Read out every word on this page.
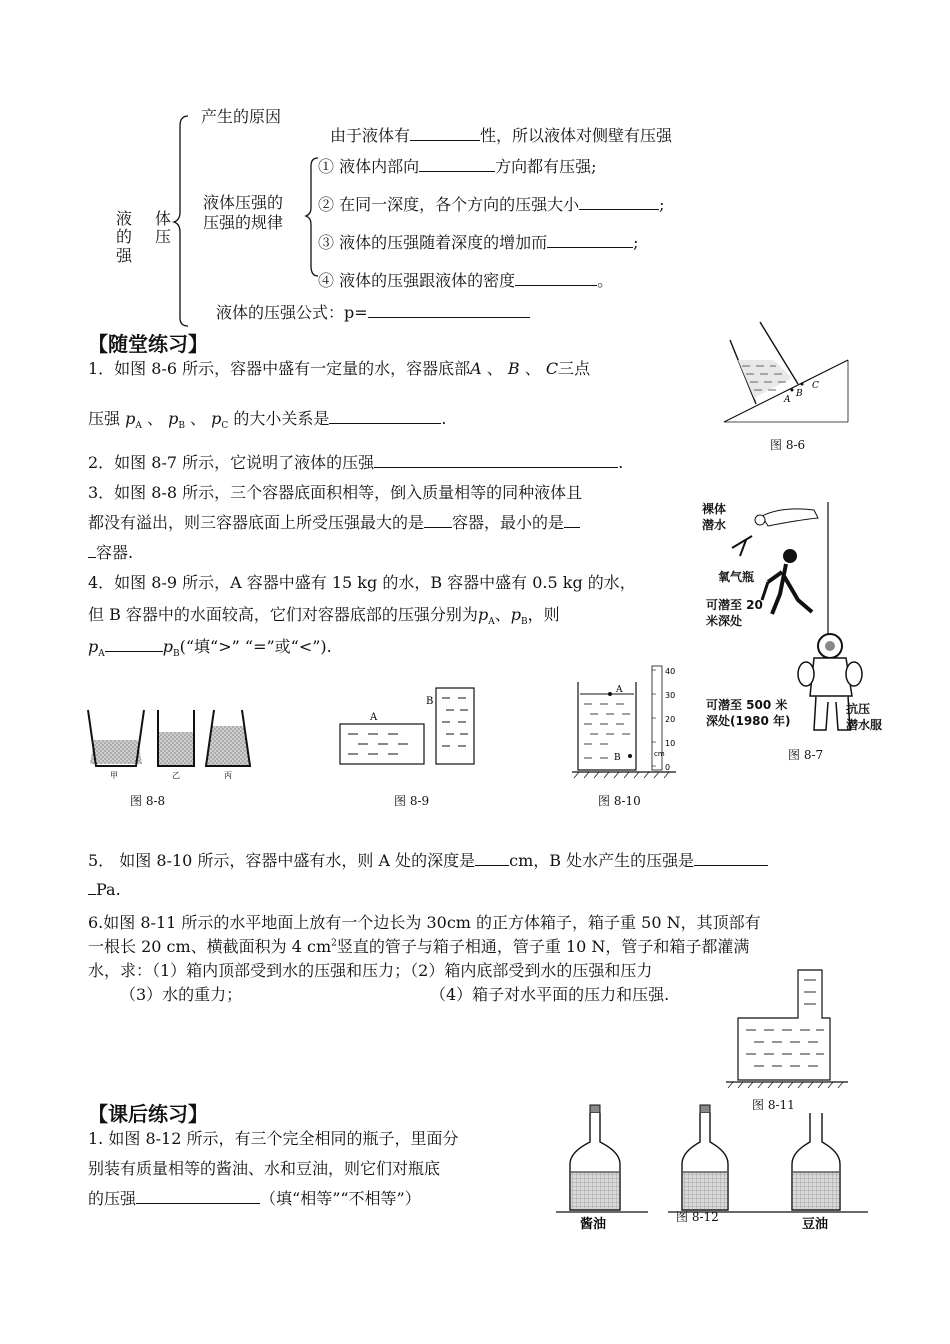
液 体
的 压
强
产生的原因
由于液体有	性，所以液体对侧壁有压强
液体压强的
压强的规律
① 液体内部向	方向都有压强;
② 在同一深度，各个方向的压强大小	;
③ 液体的压强随着深度的增加而	;
④ 液体的压强跟液体的密度	。
液体的压强公式：p=
【随堂练习】
1．如图 8-6 所示，容器中盛有一定量的水，容器底部A 、 B 、 C三点
压强 $p_A$ 、 $p_B$ 、 $p_C$ 的大小关系是	.
2．如图 8-7 所示，它说明了液体的压强	.
3．如图 8-8 所示，三个容器底面积相等，倒入质量相等的同种液体且
都没有溢出，则三容器底面上所受压强最大的是 容器，最小的是
容器.
4．如图 8-9 所示，A 容器中盛有 15 kg 的水，B 容器中盛有 0.5 kg 的水，
但 B 容器中的水面较高，它们对容器底部的压强分别为$p_A$、$p_B$，则
$p_A$	$p_B(“$填“>” “=”或“<”).
A
B
C
图 8-6
裸体
潜水
氧气瓶
可潜至 20
米深处
可潜至 500 米
深处(1980 年)
抗压
潜水服
图 8-7
甲	乙	丙
图 8-8
A
B
图 8-9
A
B
40
30
20
10
0
cm
图 8-10
5． 如图 8-10 所示，容器中盛有水，则 A 处的深度是 cm，B 处水产生的压强是
Pa.
6.如图 8-11 所示的水平地面上放有一个边长为 30cm 的正方体箱子，箱子重 50 N，其顶部有
一根长 20 cm、横截面积为 4 $cm^2$竖直的管子与箱子相通，管子重 10 N，管子和箱子都灌满
水，求：（1）箱内顶部受到水的压强和压力；（2）箱内底部受到水的压强和压力
（3）水的重力；	（4）箱子对水平面的压力和压强.
图 8-11
【课后练习】
1. 如图 8-12 所示，有三个完全相同的瓶子，里面分
别装有质量相等的酱油、水和豆油，则它们对瓶底
的压强	（填“相等”“不相等”）
酱油	豆油
图 8-12
